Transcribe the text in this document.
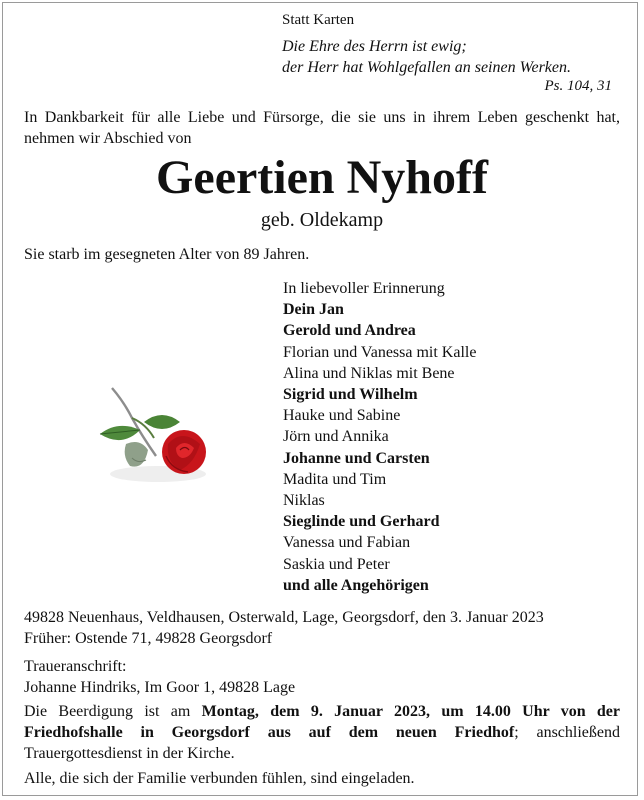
Statt Karten
Die Ehre des Herrn ist ewig;
der Herr hat Wohlgefallen an seinen Werken.
Ps. 104, 31
In Dankbarkeit für alle Liebe und Fürsorge, die sie uns in ihrem Leben geschenkt hat, nehmen wir Abschied von
Geertien Nyhoff
geb. Oldekamp
Sie starb im gesegneten Alter von 89 Jahren.
In liebevoller Erinnerung
Dein Jan
Gerold und Andrea
Florian und Vanessa mit Kalle
Alina und Niklas mit Bene
Sigrid und Wilhelm
Hauke und Sabine
Jörn und Annika
Johanne und Carsten
Madita und Tim
Niklas
Sieglinde und Gerhard
Vanessa und Fabian
Saskia und Peter
und alle Angehörigen
49828 Neuenhaus, Veldhausen, Osterwald, Lage, Georgsdorf, den 3. Januar 2023
Früher: Ostende 71, 49828 Georgsdorf
Traueranschrift:
Johanne Hindriks, Im Goor 1, 49828 Lage
Die Beerdigung ist am Montag, dem 9. Januar 2023, um 14.00 Uhr von der Friedhofshalle in Georgsdorf aus auf dem neuen Friedhof; anschließend Trauergottesdienst in der Kirche.
Alle, die sich der Familie verbunden fühlen, sind eingeladen.
